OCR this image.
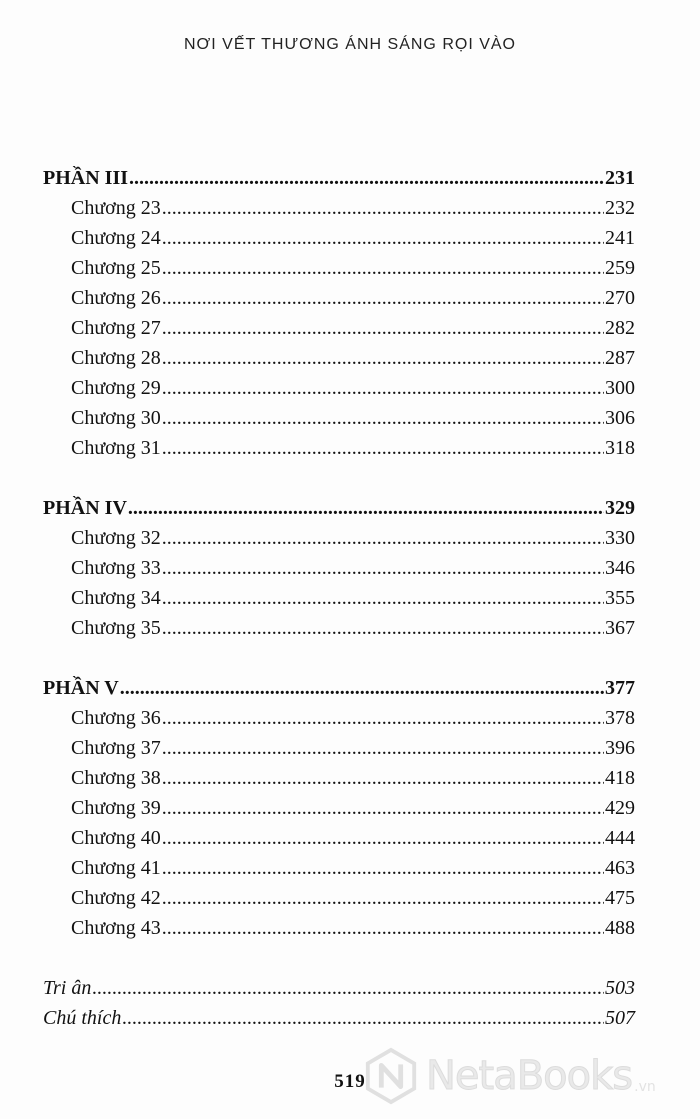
NƠI VẾT THƯƠNG ÁNH SÁNG RỌI VÀO
PHẦN III .....	231
Chương 23 .....	232
Chương 24 .....	241
Chương 25 .....	259
Chương 26 .....	270
Chương 27 .....	282
Chương 28 .....	287
Chương 29 .....	300
Chương 30 .....	306
Chương 31 .....	318
PHẦN IV .....	329
Chương 32 .....	330
Chương 33 .....	346
Chương 34 .....	355
Chương 35 .....	367
PHẦN V .....	377
Chương 36 .....	378
Chương 37 .....	396
Chương 38 .....	418
Chương 39 .....	429
Chương 40 .....	444
Chương 41 .....	463
Chương 42 .....	475
Chương 43 .....	488
Tri ân .....	503
Chú thích .....	507
519	NetaBooks .vn
